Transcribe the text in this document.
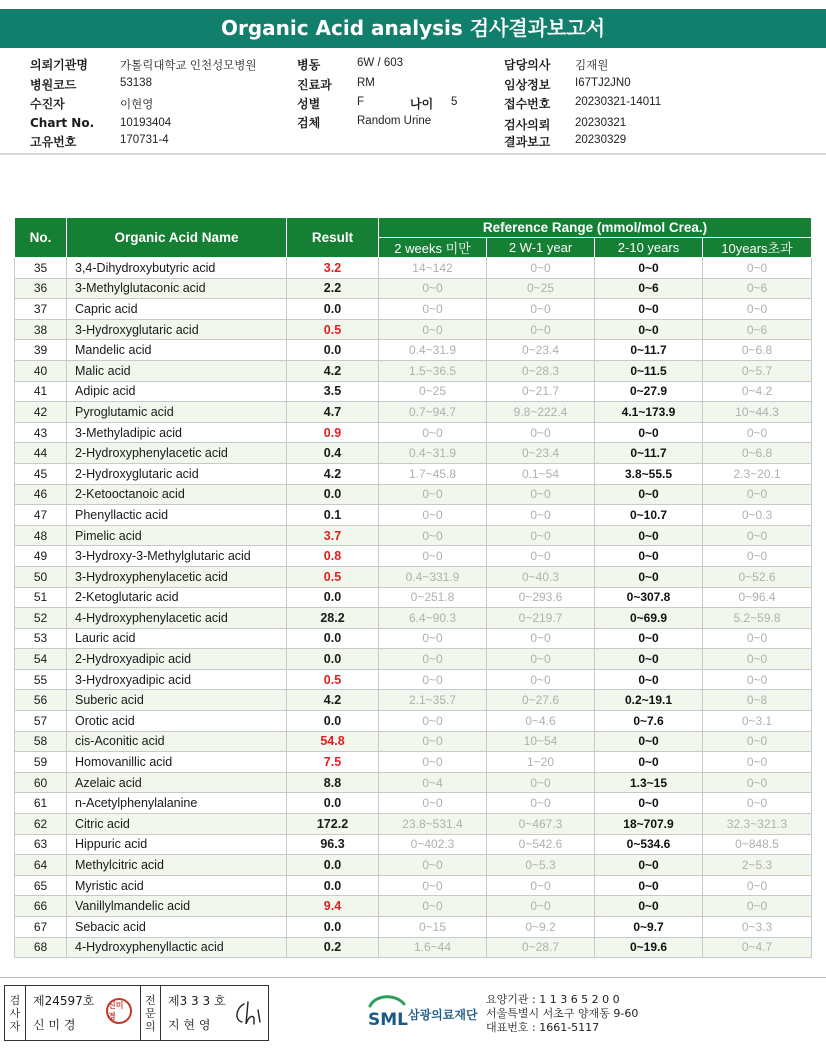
Organic Acid analysis 검사결과보고서
의뢰기관명	가톨릭대학교 인천성모병원
병원코드	53138
수진자	이현영
Chart No. 10193404
고유번호	170731-4
병동	6W / 603
진료과 RM
성별	F	나이 5
검체	Random Urine
담당의사 김재원
임상정보 I67TJ2JN0
접수번호 20230321-14011
검사의뢰 20230321
결과보고 20230329
No.	Organic Acid Name	Result	Reference Range (mmol/mol Crea.)			
			2 weeks 미만	2 W-1 year	2-10 years	10years초과
35	3,4-Dihydroxybutyric acid	3.2	14~142	0~0	0~0	0~0
36	3-Methylglutaconic acid	2.2	0~0	0~25	0~6	0~6
37	Capric acid	0.0	0~0	0~0	0~0	0~0
38	3-Hydroxyglutaric acid	0.5	0~0	0~0	0~0	0~6
39	Mandelic acid	0.0	0.4~31.9	0~23.4	0~11.7	0~6.8
40	Malic acid	4.2	1.5~36.5	0~28.3	0~11.5	0~5.7
41	Adipic acid	3.5	0~25	0~21.7	0~27.9	0~4.2
42	Pyroglutamic acid	4.7	0.7~94.7	9.8~222.4	4.1~173.9	10~44.3
43	3-Methyladipic acid	0.9	0~0	0~0	0~0	0~0
44	2-Hydroxyphenylacetic acid	0.4	0.4~31.9	0~23.4	0~11.7	0~6.8
45	2-Hydroxyglutaric acid	4.2	1.7~45.8	0.1~54	3.8~55.5	2.3~20.1
46	2-Ketooctanoic acid	0.0	0~0	0~0	0~0	0~0
47	Phenyllactic acid	0.1	0~0	0~0	0~10.7	0~0.3
48	Pimelic acid	3.7	0~0	0~0	0~0	0~0
49	3-Hydroxy-3-Methylglutaric acid	0.8	0~0	0~0	0~0	0~0
50	3-Hydroxyphenylacetic acid	0.5	0.4~331.9	0~40.3	0~0	0~52.6
51	2-Ketoglutaric acid	0.0	0~251.8	0~293.6	0~307.8	0~96.4
52	4-Hydroxyphenylacetic acid	28.2	6.4~90.3	0~219.7	0~69.9	5.2~59.8
53	Lauric acid	0.0	0~0	0~0	0~0	0~0
54	2-Hydroxyadipic acid	0.0	0~0	0~0	0~0	0~0
55	3-Hydroxyadipic acid	0.5	0~0	0~0	0~0	0~0
56	Suberic acid	4.2	2.1~35.7	0~27.6	0.2~19.1	0~8
57	Orotic acid	0.0	0~0	0~4.6	0~7.6	0~3.1
58	cis-Aconitic acid	54.8	0~0	10~54	0~0	0~0
59	Homovanillic acid	7.5	0~0	1~20	0~0	0~0
60	Azelaic acid	8.8	0~4	0~0	1.3~15	0~0
61	n-Acetylphenylalanine	0.0	0~0	0~0	0~0	0~0
62	Citric acid	172.2	23.8~531.4	0~467.3	18~707.9	32.3~321.3
63	Hippuric acid	96.3	0~402.3	0~542.6	0~534.6	0~848.5
64	Methylcitric acid	0.0	0~0	0~5.3	0~0	2~5.3
65	Myristic acid	0.0	0~0	0~0	0~0	0~0
66	Vanillylmandelic acid	9.4	0~0	0~0	0~0	0~0
67	Sebacic acid	0.0	0~15	0~9.2	0~9.7	0~3.3
68	4-Hydroxyphenyllactic acid	0.2	1.6~44	0~28.7	0~19.6	0~4.7
검
사
자
제24597호
신 미 경
신미경
전
문
의
제3 3 3 호
지 현 영	SML 삼광의료재단
요양기관 : 1 1 3 6 5 2 0 0
서울특별시 서초구 양재동 9-60
대표번호 : 1661-5117
